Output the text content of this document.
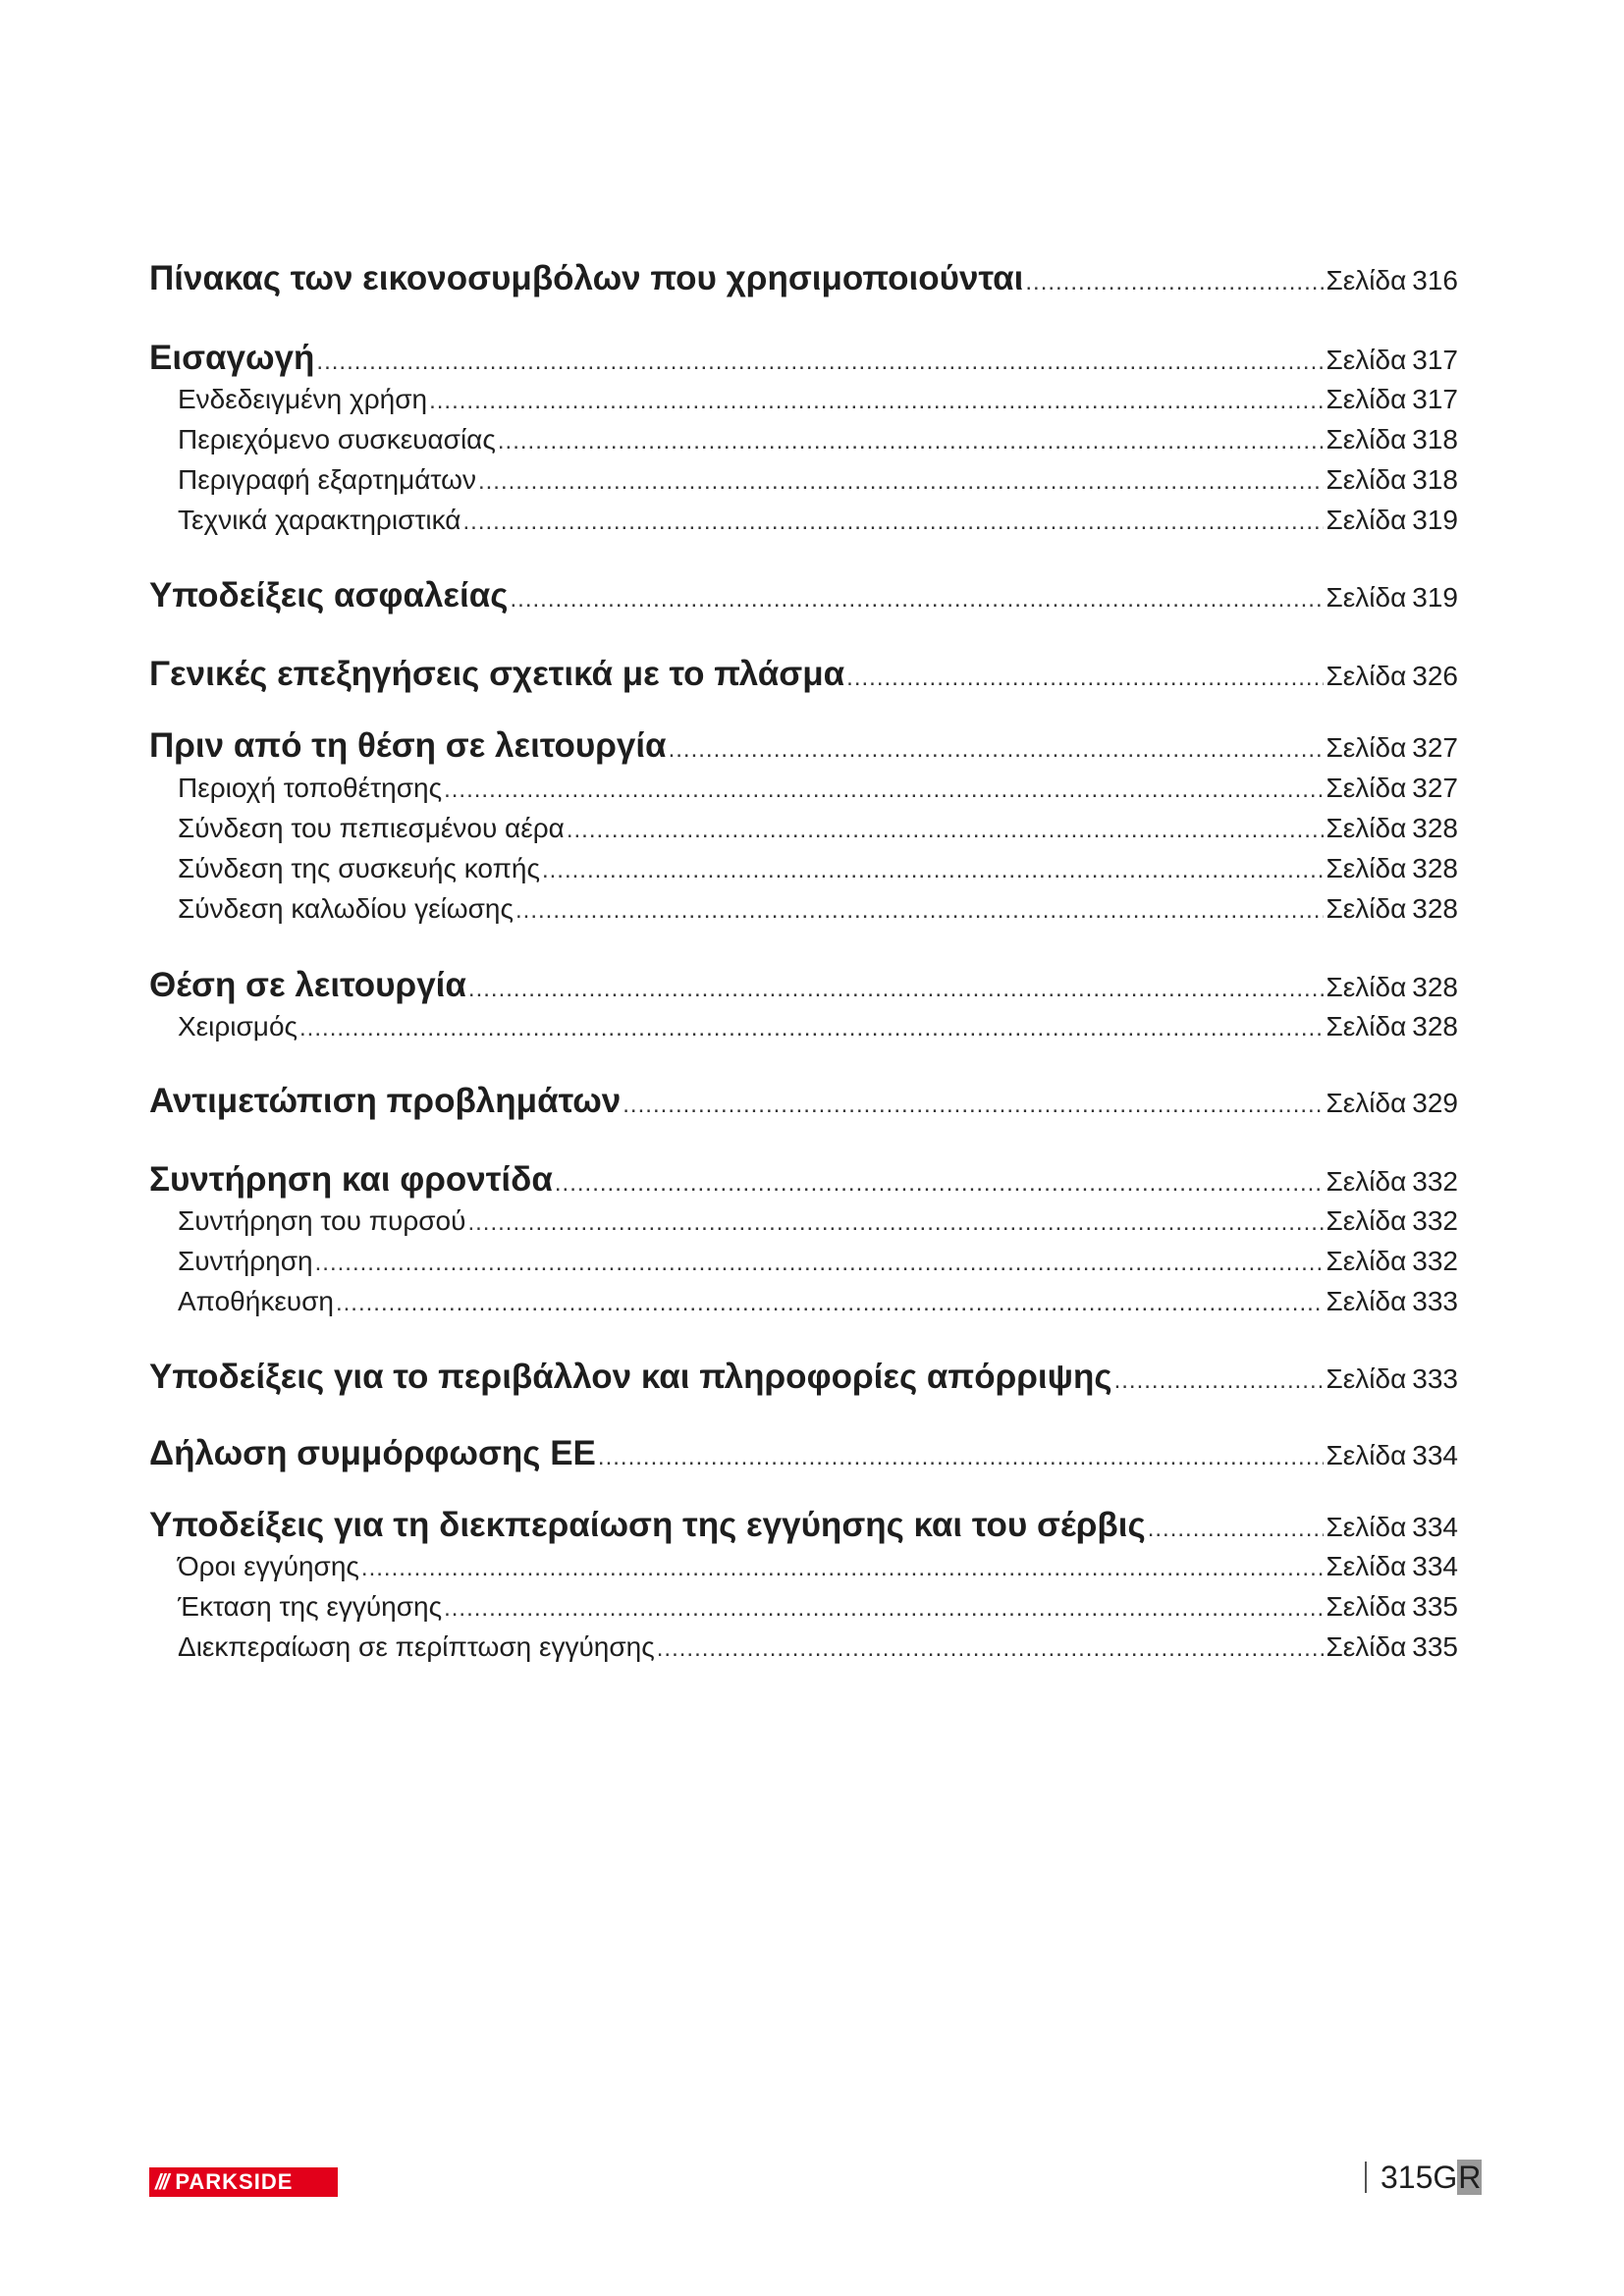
Πίνακας των εικονοσυμβόλων που χρησιμοποιούνται .....	Σελίδα 316
Εισαγωγή .....	Σελίδα 317
Ενδεδειγμένη χρήση .....	Σελίδα 317
Περιεχόμενο συσκευασίας .....	Σελίδα 318
Περιγραφή εξαρτημάτων .....	Σελίδα 318
Τεχνικά χαρακτηριστικά .....	Σελίδα 319
Υποδείξεις ασφαλείας .....	Σελίδα 319
Γενικές επεξηγήσεις σχετικά με το πλάσμα .....	Σελίδα 326
Πριν από τη θέση σε λειτουργία .....	Σελίδα 327
Περιοχή τοποθέτησης .....	Σελίδα 327
Σύνδεση του πεπιεσμένου αέρα .....	Σελίδα 328
Σύνδεση της συσκευής κοπής .....	Σελίδα 328
Σύνδεση καλωδίου γείωσης .....	Σελίδα 328
Θέση σε λειτουργία .....	Σελίδα 328
Χειρισμός .....	Σελίδα 328
Αντιμετώπιση προβλημάτων .....	Σελίδα 329
Συντήρηση και φροντίδα .....	Σελίδα 332
Συντήρηση του πυρσού .....	Σελίδα 332
Συντήρηση .....	Σελίδα 332
Αποθήκευση .....	Σελίδα 333
Υποδείξεις για το περιβάλλον και πληροφορίες απόρριψης .....	Σελίδα 333
Δήλωση συμμόρφωσης ΕΕ .....	Σελίδα 334
Υποδείξεις για τη διεκπεραίωση της εγγύησης και του σέρβις .....	Σελίδα 334
Όροι εγγύησης .....	Σελίδα 334
Έκταση της εγγύησης .....	Σελίδα 335
Διεκπεραίωση σε περίπτωση εγγύησης .....	Σελίδα 335
/// PARKSIDE	315 G R
